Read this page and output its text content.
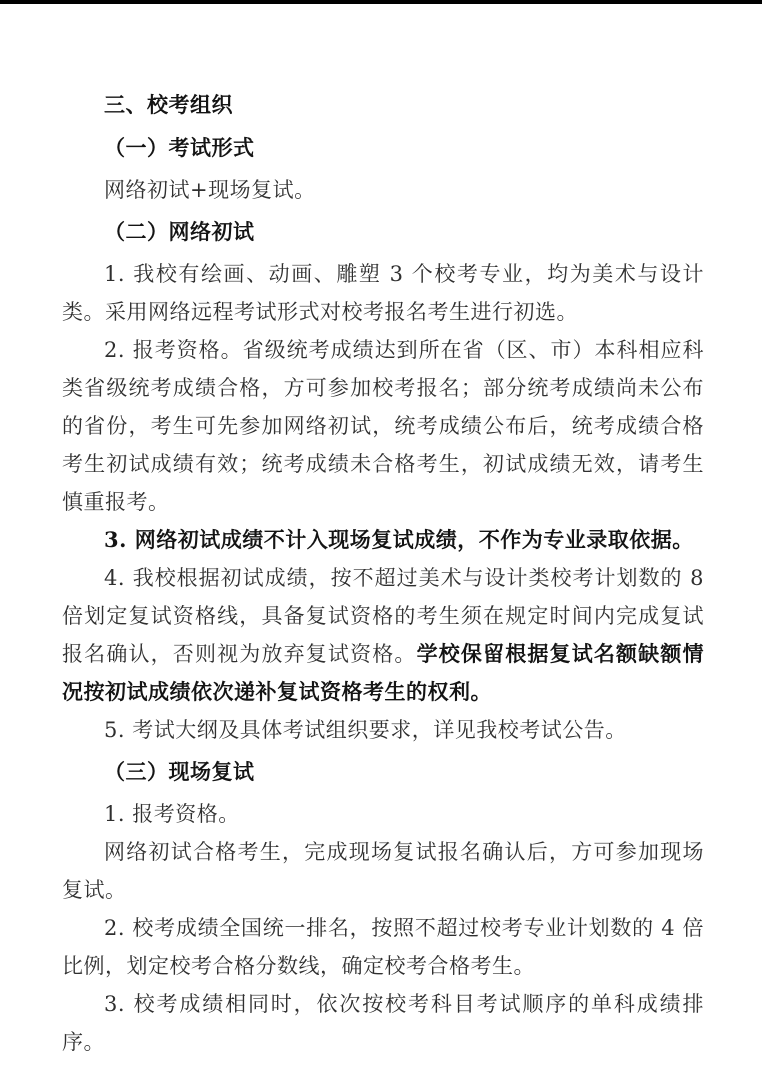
三、校考组织

（一）考试形式

网络初试+现场复试。

（二）网络初试

1. 我校有绘画、动画、雕塑 3 个校考专业，均为美术与设计类。采用网络远程考试形式对校考报名考生进行初选。

2. 报考资格。省级统考成绩达到所在省（区、市）本科相应科类省级统考成绩合格，方可参加校考报名；部分统考成绩尚未公布的省份，考生可先参加网络初试，统考成绩公布后，统考成绩合格考生初试成绩有效；统考成绩未合格考生，初试成绩无效，请考生慎重报考。

3. 网络初试成绩不计入现场复试成绩，不作为专业录取依据。

4. 我校根据初试成绩，按不超过美术与设计类校考计划数的 8 倍划定复试资格线，具备复试资格的考生须在规定时间内完成复试报名确认，否则视为放弃复试资格。学校保留根据复试名额缺额情况按初试成绩依次递补复试资格考生的权利。

5. 考试大纲及具体考试组织要求，详见我校考试公告。

（三）现场复试

1. 报考资格。

网络初试合格考生，完成现场复试报名确认后，方可参加现场复试。

2. 校考成绩全国统一排名，按照不超过校考专业计划数的 4 倍比例，划定校考合格分数线，确定校考合格考生。

3. 校考成绩相同时，依次按校考科目考试顺序的单科成绩排序。
